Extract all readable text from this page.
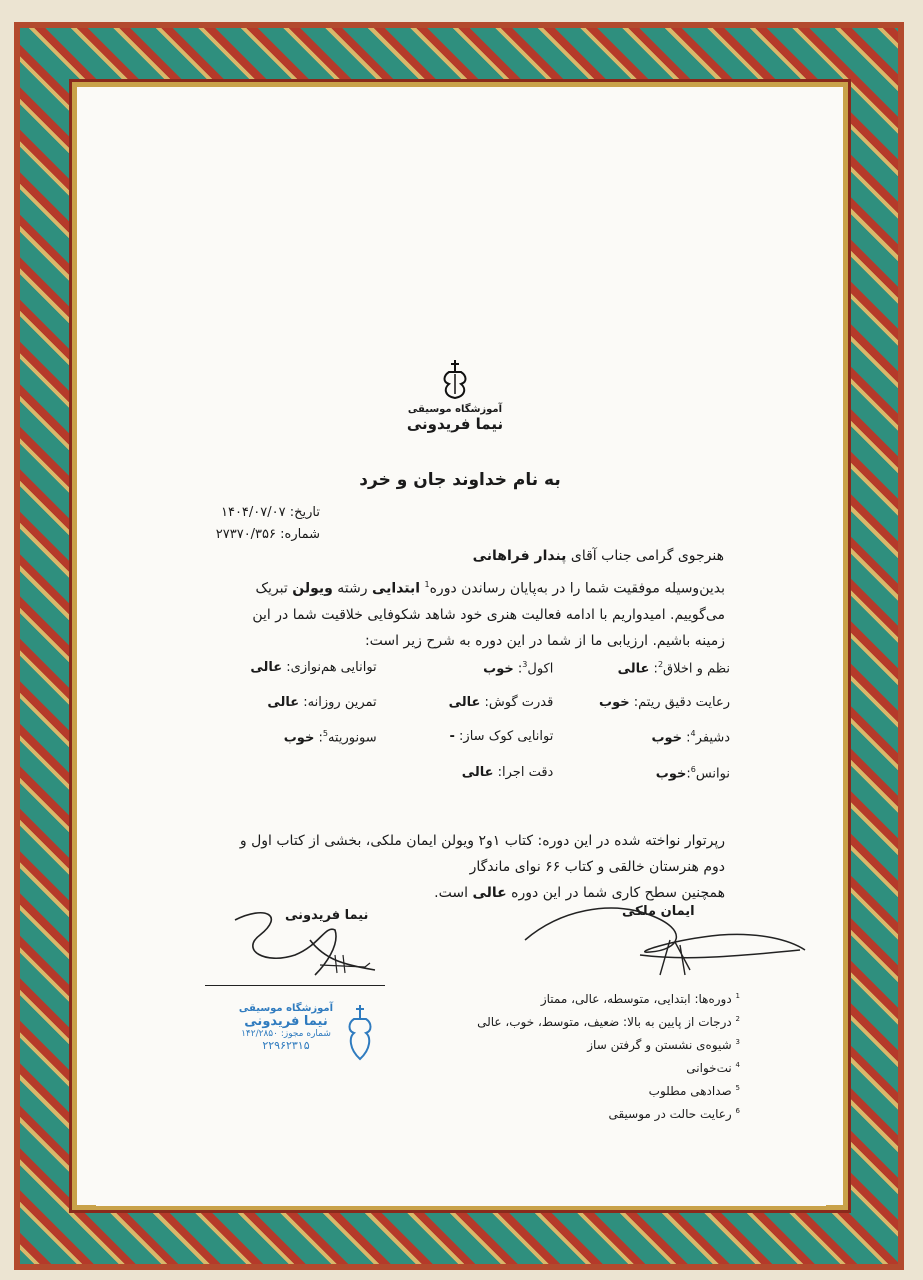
آموزشگاه موسیقی
نیما فریدونی
به نام خداوند جان و خرد
تاریخ: ۱۴۰۴/۰۷/۰۷
شماره: ۲۷۳۷۰/۳۵۶
هنرجوی گرامی جناب آقای پندار فراهانی
بدین‌وسیله موفقیت شما را در به‌پایان رساندن دوره$^1$ ابتدایی رشته ویولن تبریک می‌گوییم. امیدواریم با ادامه فعالیت هنری خود شاهد شکوفایی خلاقیت شما در این زمینه باشیم. ارزیابی ما از شما در این دوره به شرح زیر است:
نظم و اخلاق$^2$: عالی
اکول$^3$: خوب
توانایی هم‌نوازی: عالی
رعایت دقیق ریتم: خوب
قدرت گوش: عالی
تمرین روزانه: عالی
دشیفر$^4$: خوب
توانایی کوک ساز: -
سونوریته$^5$: خوب
نوانس$^6$:خوب
دقت اجرا: عالی
رپرتوار نواخته شده در این دوره: کتاب ۱و۲ ویولن ایمان ملکی، بخشی از کتاب اول و دوم هنرستان خالقی و کتاب ۶۶ نوای ماندگار
همچنین سطح کاری شما در این دوره عالی است.
نیما فریدونی	ایمان ملکی
آموزشگاه موسیقی
نیما فریدونی
شماره مجوز: ۱۴۲/۲۸۵۰
۲۲۹۶۲۳۱۵
$^1$ دوره‌ها: ابتدایی، متوسطه، عالی، ممتاز
$^2$ درجات از پایین به بالا: ضعیف، متوسط، خوب، عالی
$^3$ شیوه‌ی نشستن و گرفتن ساز
$^4$ نت‌خوانی
$^5$ صدادهی مطلوب
$^6$ رعایت حالت در موسیقی
